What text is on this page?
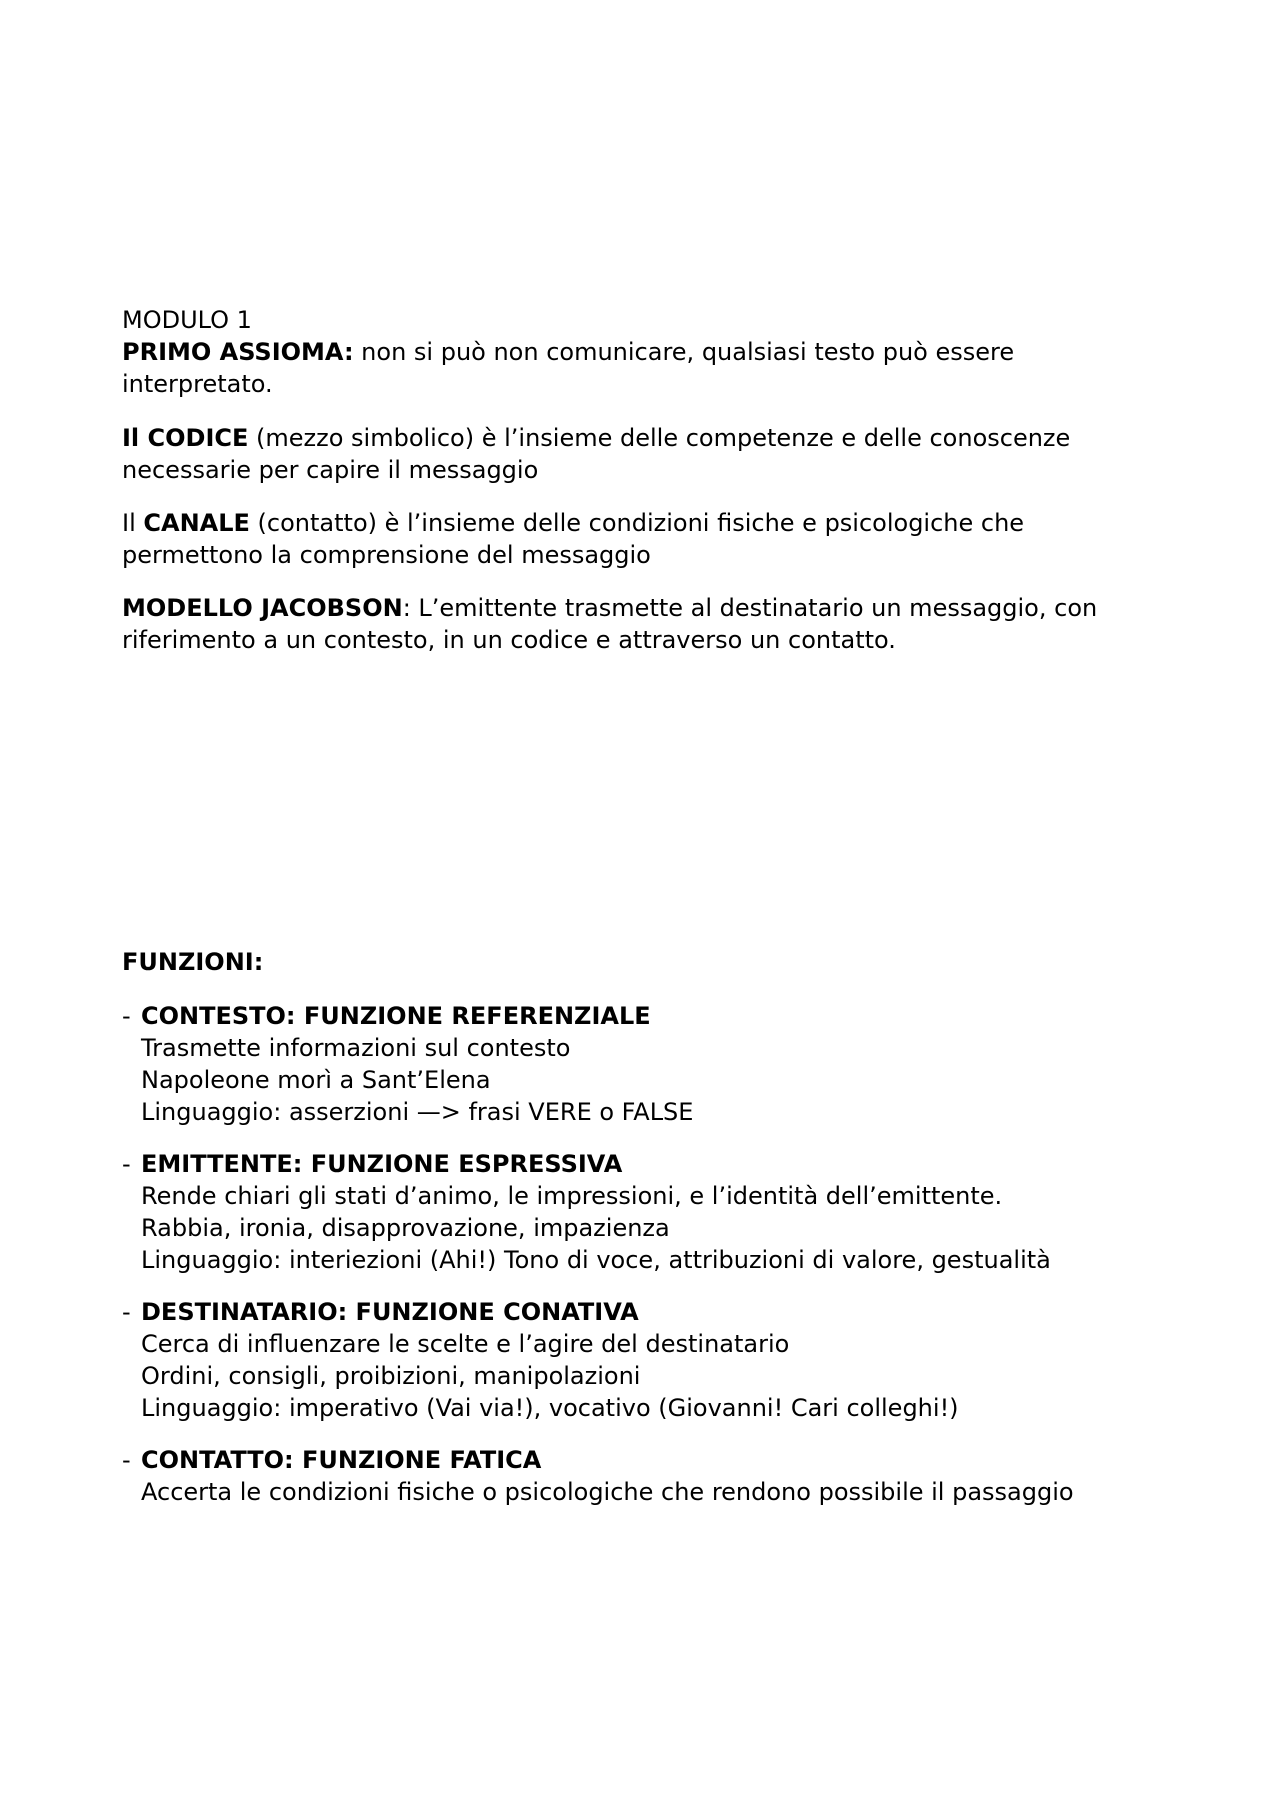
MODULO 1
PRIMO ASSIOMA: non si può non comunicare, qualsiasi testo può essere
interpretato.
Il CODICE (mezzo simbolico) è l’insieme delle competenze e delle conoscenze
necessarie per capire il messaggio
Il CANALE (contatto) è l’insieme delle condizioni fisiche e psicologiche che
permettono la comprensione del messaggio
MODELLO JACOBSON: L’emittente trasmette al destinatario un messaggio, con
riferimento a un contesto, in un codice e attraverso un contatto.
FUNZIONI:
- CONTESTO: FUNZIONE REFERENZIALE
Trasmette informazioni sul contesto
Napoleone morì a Sant’Elena
Linguaggio: asserzioni —> frasi VERE o FALSE
- EMITTENTE: FUNZIONE ESPRESSIVA
Rende chiari gli stati d’animo, le impressioni, e l’identità dell’emittente.
Rabbia, ironia, disapprovazione, impazienza
Linguaggio: interiezioni (Ahi!) Tono di voce, attribuzioni di valore, gestualità
- DESTINATARIO: FUNZIONE CONATIVA
Cerca di influenzare le scelte e l’agire del destinatario
Ordini, consigli, proibizioni, manipolazioni
Linguaggio: imperativo (Vai via!), vocativo (Giovanni! Cari colleghi!)
- CONTATTO: FUNZIONE FATICA
Accerta le condizioni fisiche o psicologiche che rendono possibile il passaggio
